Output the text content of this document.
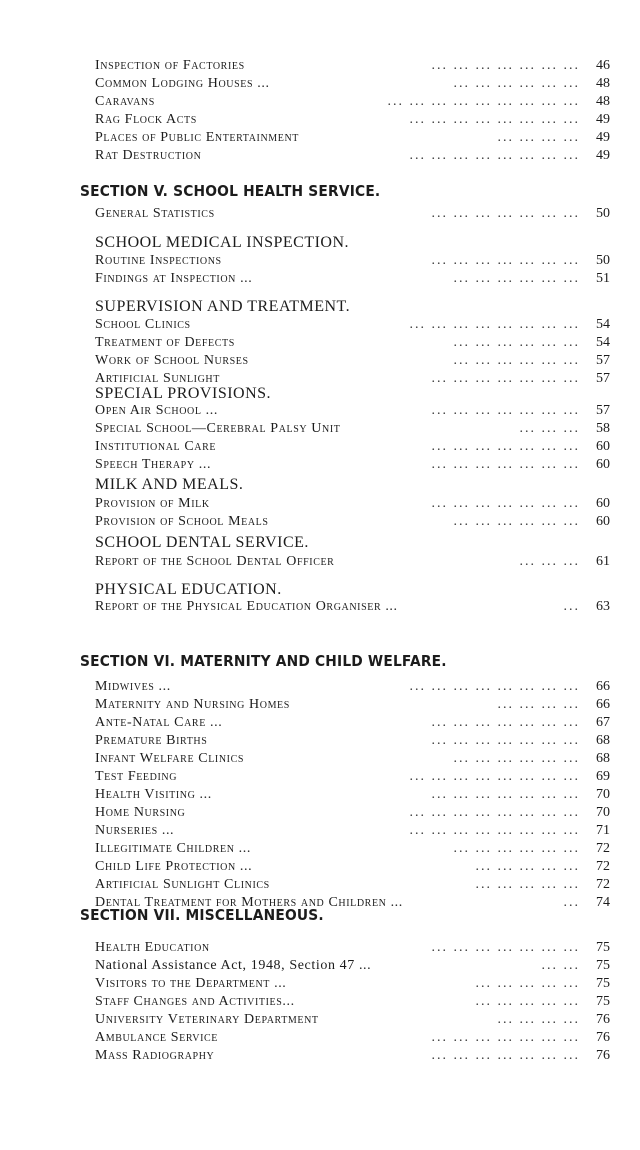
Inspection of Factories	... ... ... ... ... ... ...	46
Common Lodging Houses ...	... ... ... ... ... ...	48
Caravans	... ... ... ... ... ... ... ... ...	48
Rag Flock Acts	... ... ... ... ... ... ... ...	49
Places of Public Entertainment	... ... ... ...	49
Rat Destruction	... ... ... ... ... ... ... ...	49
SECTION V. SCHOOL HEALTH SERVICE.
General Statistics	... ... ... ... ... ... ...	50
SCHOOL MEDICAL INSPECTION.
Routine Inspections	... ... ... ... ... ... ...	50
Findings at Inspection ...	... ... ... ... ... ...	51
SUPERVISION AND TREATMENT.
School Clinics	... ... ... ... ... ... ... ...	54
Treatment of Defects	... ... ... ... ... ...	54
Work of School Nurses	... ... ... ... ... ...	57
Artificial Sunlight	... ... ... ... ... ... ...	57
SPECIAL PROVISIONS.
Open Air School ...	... ... ... ... ... ... ...	57
Special School—Cerebral Palsy Unit	... ... ...	58
Institutional Care	... ... ... ... ... ... ...	60
Speech Therapy ...	... ... ... ... ... ... ...	60
MILK AND MEALS.
Provision of Milk	... ... ... ... ... ... ...	60
Provision of School Meals	... ... ... ... ... ...	60
SCHOOL DENTAL SERVICE.
Report of the School Dental Officer	... ... ...	61
PHYSICAL EDUCATION.
Report of the Physical Education Organiser ...	...	63
SECTION VI. MATERNITY AND CHILD WELFARE.
Midwives ...	... ... ... ... ... ... ... ...	66
Maternity and Nursing Homes	... ... ... ...	66
Ante-Natal Care ...	... ... ... ... ... ... ...	67
Premature Births	... ... ... ... ... ... ...	68
Infant Welfare Clinics	... ... ... ... ... ...	68
Test Feeding	... ... ... ... ... ... ... ...	69
Health Visiting ...	... ... ... ... ... ... ...	70
Home Nursing	... ... ... ... ... ... ... ...	70
Nurseries ...	... ... ... ... ... ... ... ...	71
Illegitimate Children ...	... ... ... ... ... ...	72
Child Life Protection ...	... ... ... ... ...	72
Artificial Sunlight Clinics	... ... ... ... ...	72
Dental Treatment for Mothers and Children ...	...	74
SECTION VII. MISCELLANEOUS.
Health Education	... ... ... ... ... ... ...	75
National Assistance Act, 1948, Section 47 ...	... ...	75
Visitors to the Department ...	... ... ... ... ...	75
Staff Changes and Activities...	... ... ... ... ...	75
University Veterinary Department	... ... ... ...	76
Ambulance Service	... ... ... ... ... ... ...	76
Mass Radiography	... ... ... ... ... ... ...	76
